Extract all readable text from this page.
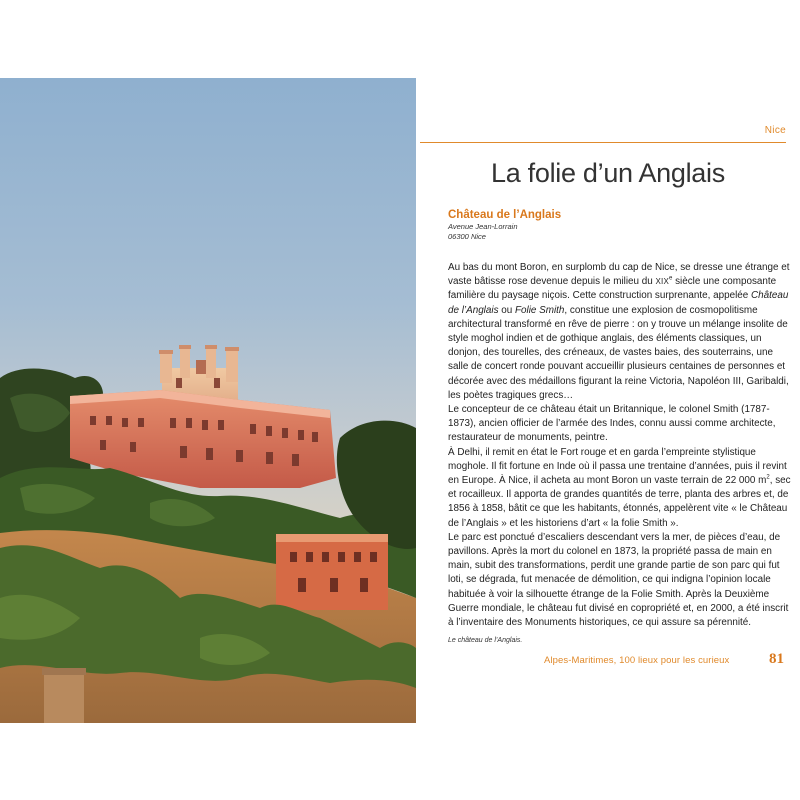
Nice
La folie d’un Anglais
Château de l’Anglais
Avenue Jean-Lorrain
06300 Nice

Au bas du mont Boron, en surplomb du cap de Nice, se dresse une étrange et vaste bâtisse rose devenue depuis le milieu du XIXe siècle une composante familière du paysage niçois. Cette construction surprenante, appelée Château de l’Anglais ou Folie Smith, constitue une explosion de cosmopolitisme architectural transformé en rêve de pierre : on y trouve un mélange insolite de style moghol indien et de gothique anglais, des éléments classiques, un donjon, des tourelles, des créneaux, de vastes baies, des souterrains, une salle de concert ronde pouvant accueillir plusieurs centaines de personnes et décorée avec des médaillons figurant la reine Victoria, Napoléon III, Garibaldi, les poètes tragiques grecs…

Le concepteur de ce château était un Britannique, le colonel Smith (1787-1873), ancien officier de l’armée des Indes, connu aussi comme architecte, restaurateur de monuments, peintre.

À Delhi, il remit en état le Fort rouge et en garda l’empreinte stylistique moghole. Il fit fortune en Inde où il passa une trentaine d’années, puis il revint en Europe. À Nice, il acheta au mont Boron un vaste terrain de 22 000 $m^2$, sec et rocailleux. Il apporta de grandes quantités de terre, planta des arbres et, de 1856 à 1858, bâtit ce que les habitants, étonnés, appelèrent vite « le Château de l’Anglais » et les historiens d’art « la folie Smith ».

Le parc est ponctué d’escaliers descendant vers la mer, de pièces d’eau, de pavillons. Après la mort du colonel en 1873, la propriété passa de main en main, subit des transformations, perdit une grande partie de son parc qui fut loti, se dégrada, fut menacée de démolition, ce qui indigna l’opinion locale habituée à voir la silhouette étrange de la Folie Smith. Après la Deuxième Guerre mondiale, le château fut divisé en copropriété et, en 2000, a été inscrit à l’inventaire des Monuments historiques, ce qui assure sa pérennité.

Le château de l’Anglais.
Alpes-Maritimes, 100 lieux pour les curieux	81
